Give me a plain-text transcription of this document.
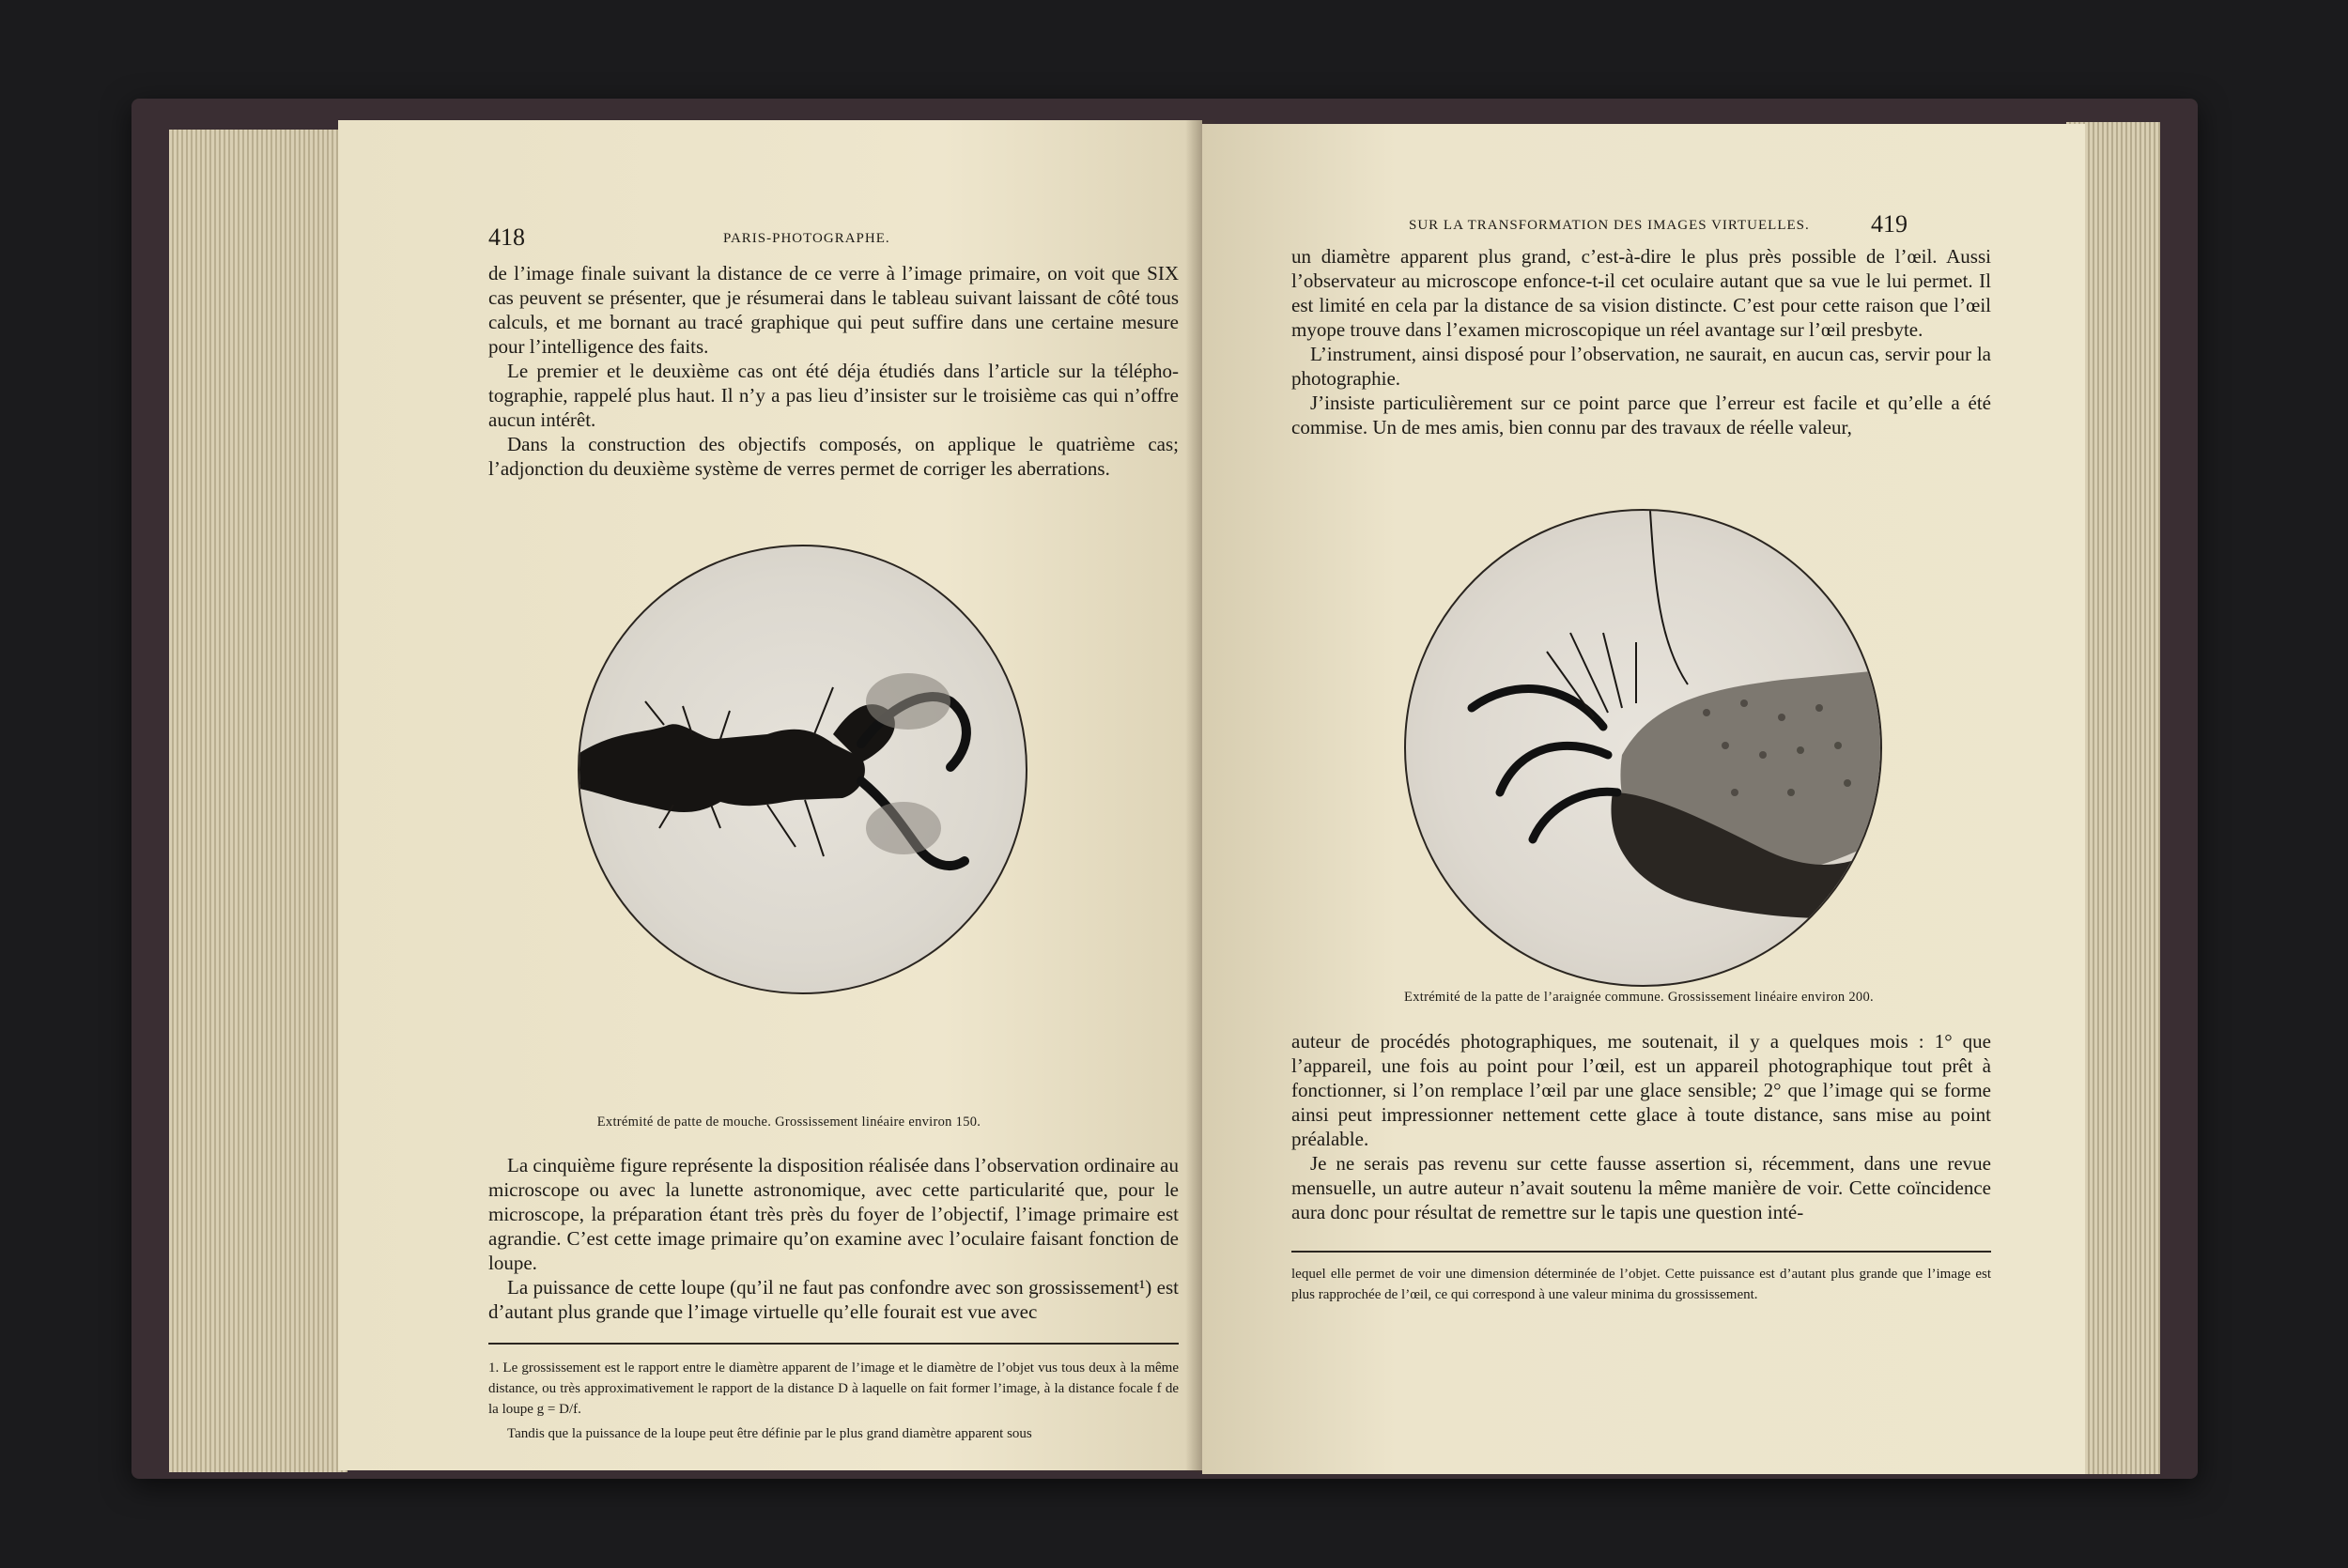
418	PARIS-PHOTOGRAPHE.

de l’image finale suivant la distance de ce verre à l’image primaire, on voit que SIX cas peuvent se présenter, que je résumerai dans le tableau suivant laissant de côté tous calculs, et me bornant au tracé graphique qui peut suffire dans une certaine mesure pour l’intelligence des faits.

Le premier et le deuxième cas ont été déja étudiés dans l’article sur la téléphotographie, rappelé plus haut. Il n’y a pas lieu d’insister sur le troisième cas qui n’offre aucun intérêt.

Dans la construction des objectifs composés, on applique le quatrième cas; l’adjonction du deuxième système de verres permet de corriger les aberrations.

Extrémité de patte de mouche. Grossissement linéaire environ 150.

La cinquième figure représente la disposition réalisée dans l’observation ordinaire au microscope ou avec la lunette astronomique, avec cette particularité que, pour le microscope, la préparation étant très près du foyer de l’objectif, l’image primaire est agrandie. C’est cette image primaire qu’on examine avec l’oculaire faisant fonction de loupe.

La puissance de cette loupe (qu’il ne faut pas confondre avec son grossissement¹) est d’autant plus grande que l’image virtuelle qu’elle fourait est vue avec

1. Le grossissement est le rapport entre le diamètre apparent de l’image et le diamètre de l’objet vus tous deux à la même distance, ou très approximativement le rapport de la distance D à laquelle on fait former l’image, à la distance focale f de la loupe g = D/f.

Tandis que la puissance de la loupe peut être définie par le plus grand diamètre apparent sous

SUR LA TRANSFORMATION DES IMAGES VIRTUELLES.	419

un diamètre apparent plus grand, c’est-à-dire le plus près possible de l’œil. Aussi l’observateur au microscope enfonce-t-il cet oculaire autant que sa vue le lui permet. Il est limité en cela par la distance de sa vision distincte. C’est pour cette raison que l’œil myope trouve dans l’examen microscopique un réel avantage sur l’œil presbyte.

L’instrument, ainsi disposé pour l’observation, ne saurait, en aucun cas, servir pour la photographie.

J’insiste particulièrement sur ce point parce que l’erreur est facile et qu’elle a été commise. Un de mes amis, bien connu par des travaux de réelle valeur,

Extrémité de la patte de l’araignée commune. Grossissement linéaire environ 200.

auteur de procédés photographiques, me soutenait, il y a quelques mois : 1° que l’appareil, une fois au point pour l’œil, est un appareil photographique tout prêt à fonctionner, si l’on remplace l’œil par une glace sensible; 2° que l’image qui se forme ainsi peut impressionner nettement cette glace à toute distance, sans mise au point préalable.

Je ne serais pas revenu sur cette fausse assertion si, récemment, dans une revue mensuelle, un autre auteur n’avait soutenu la même manière de voir. Cette coïncidence aura donc pour résultat de remettre sur le tapis une question inté-

lequel elle permet de voir une dimension déterminée de l’objet. Cette puissance est d’autant plus grande que l’image est plus rapprochée de l’œil, ce qui correspond à une valeur minima du grossissement.
